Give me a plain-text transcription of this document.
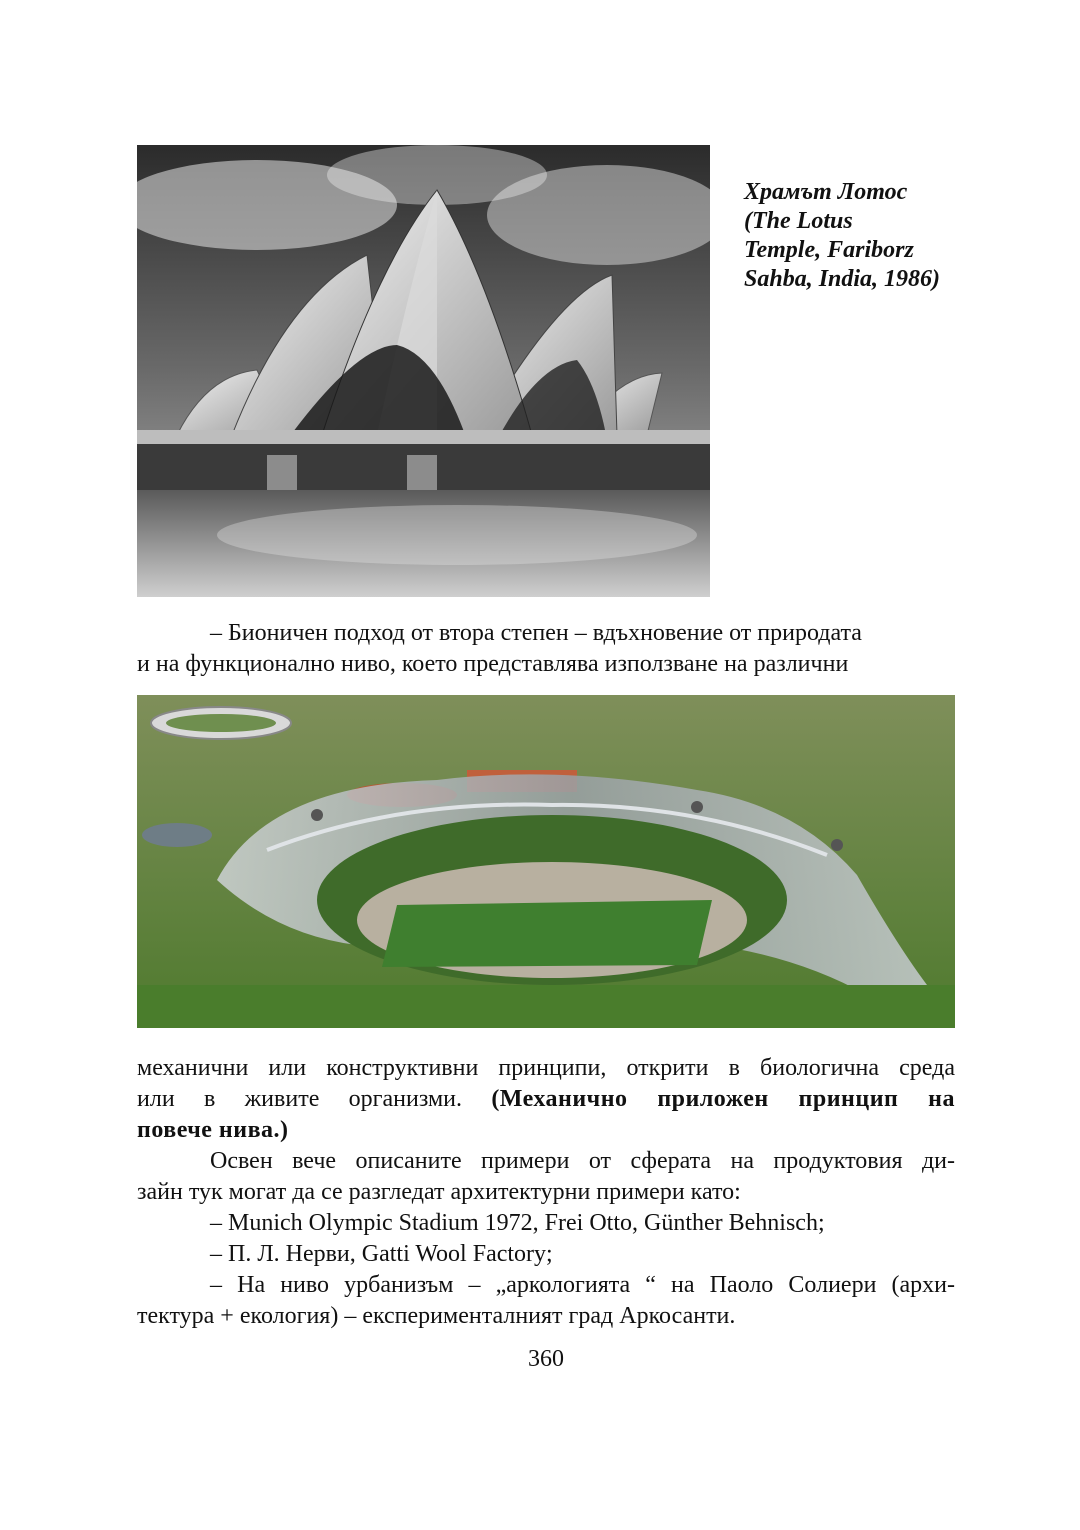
Храмът Лотос
(The Lotus
Temple, Fariborz
Sahba, India, 1986)
– Бионичен подход от втора степен – вдъхновение от природата
и на функционално ниво, което представлява използване на различни
механични или конструктивни принципи, открити в биологична среда
или в живите организми. (Механично приложен принцип на
повече нива.)
Освен вече описаните примери от сферата на продуктовия ди-
зайн тук могат да се разгледат архитектурни примери като:
– Munich Olympic Stadium 1972, Frei Otto, Günther Behnisch;
– П. Л. Нерви, Gatti Wool Factory;
– На ниво урбанизъм – „аркологията “ на Паоло Солиери (архи-
тектура + екология) – експерименталният град Аркосанти.
360
